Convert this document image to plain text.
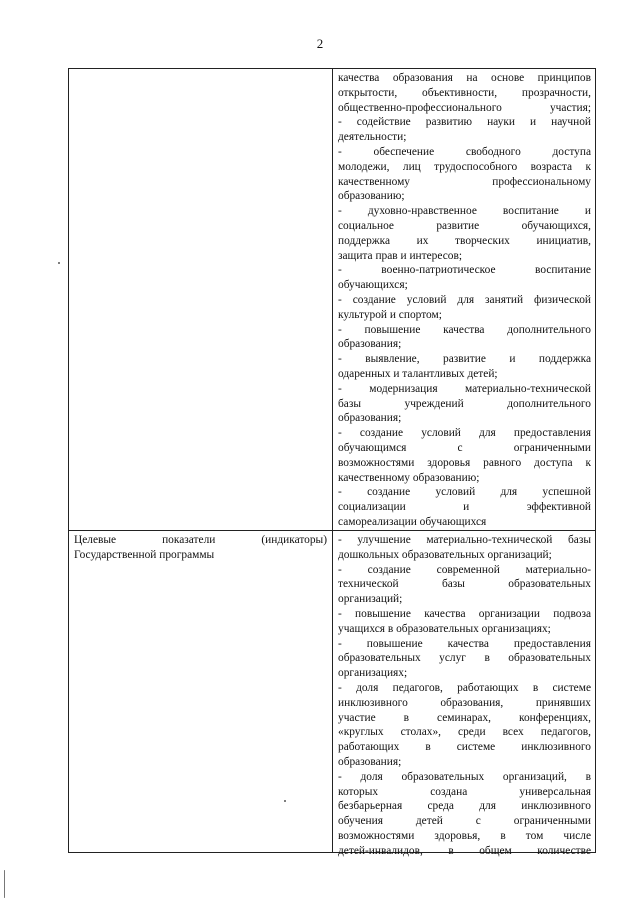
2
качества образования на основе принципов
открытости, объективности, прозрачности,
общественно-профессионального участия;
- содействие развитию науки и научной
деятельности;
- обеспечение свободного доступа
молодежи, лиц трудоспособного возраста к
качественному профессиональному
образованию;
- духовно-нравственное воспитание и
социальное развитие обучающихся,
поддержка их творческих инициатив,
защита прав и интересов;
- военно-патриотическое воспитание
обучающихся;
- создание условий для занятий физической
культурой и спортом;
- повышение качества дополнительного
образования;
- выявление, развитие и поддержка
одаренных и талантливых детей;
- модернизация материально-технической
базы учреждений дополнительного
образования;
- создание условий для предоставления
обучающимся с ограниченными
возможностями здоровья равного доступа к
качественному образованию;
- создание условий для успешной
социализации и эффективной
самореализации обучающихся
Целевые показатели (индикаторы)
Государственной программы
- улучшение материально-технической базы
дошкольных образовательных организаций;
- создание современной материально-
технической базы образовательных
организаций;
- повышение качества организации подвоза
учащихся в образовательных организациях;
- повышение качества предоставления
образовательных услуг в образовательных
организациях;
- доля педагогов, работающих в системе
инклюзивного образования, принявших
участие в семинарах, конференциях,
«круглых столах», среди всех педагогов,
работающих в системе инклюзивного
образования;
- доля образовательных организаций, в
которых создана универсальная
безбарьерная среда для инклюзивного
обучения детей с ограниченными
возможностями здоровья, в том числе
детей-инвалидов, в общем количестве
